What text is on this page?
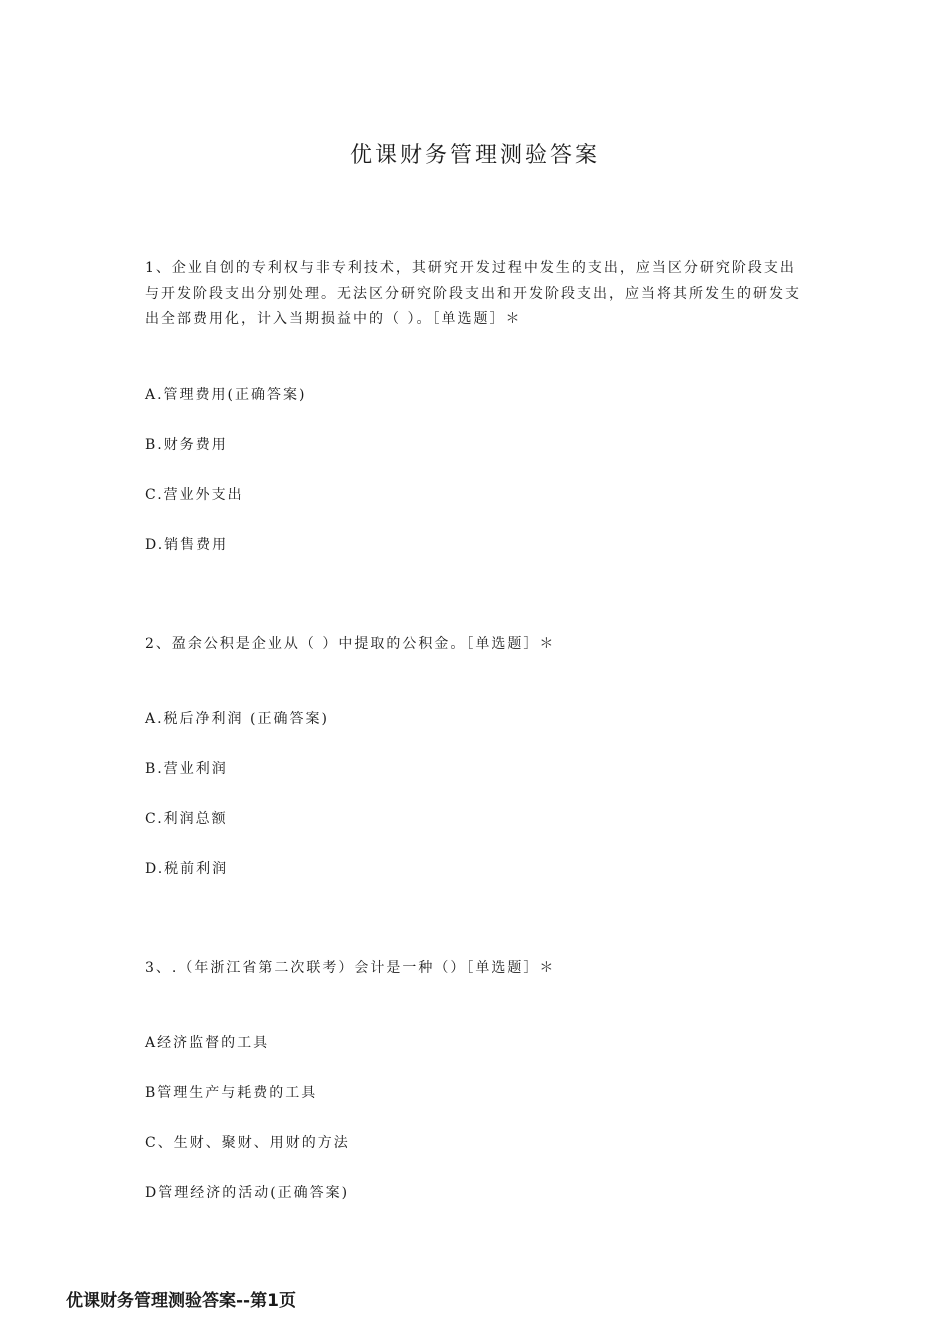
优课财务管理测验答案
1、企业自创的专利权与非专利技术，其研究开发过程中发生的支出，应当区分研究阶段支出与开发阶段支出分别处理。无法区分研究阶段支出和开发阶段支出，应当将其所发生的研发支出全部费用化，计入当期损益中的（ ）。［单选题］＊
A.管理费用(正确答案)
B.财务费用
C.营业外支出
D.销售费用
2、盈余公积是企业从（ ）中提取的公积金。［单选题］＊
A.税后净利润 (正确答案)
B.营业利润
C.利润总额
D.税前利润
3、.（年浙江省第二次联考）会计是一种（）［单选题］＊
A经济监督的工具
B管理生产与耗费的工具
C、生财、聚财、用财的方法
D管理经济的活动(正确答案)
优课财务管理测验答案--第1页
